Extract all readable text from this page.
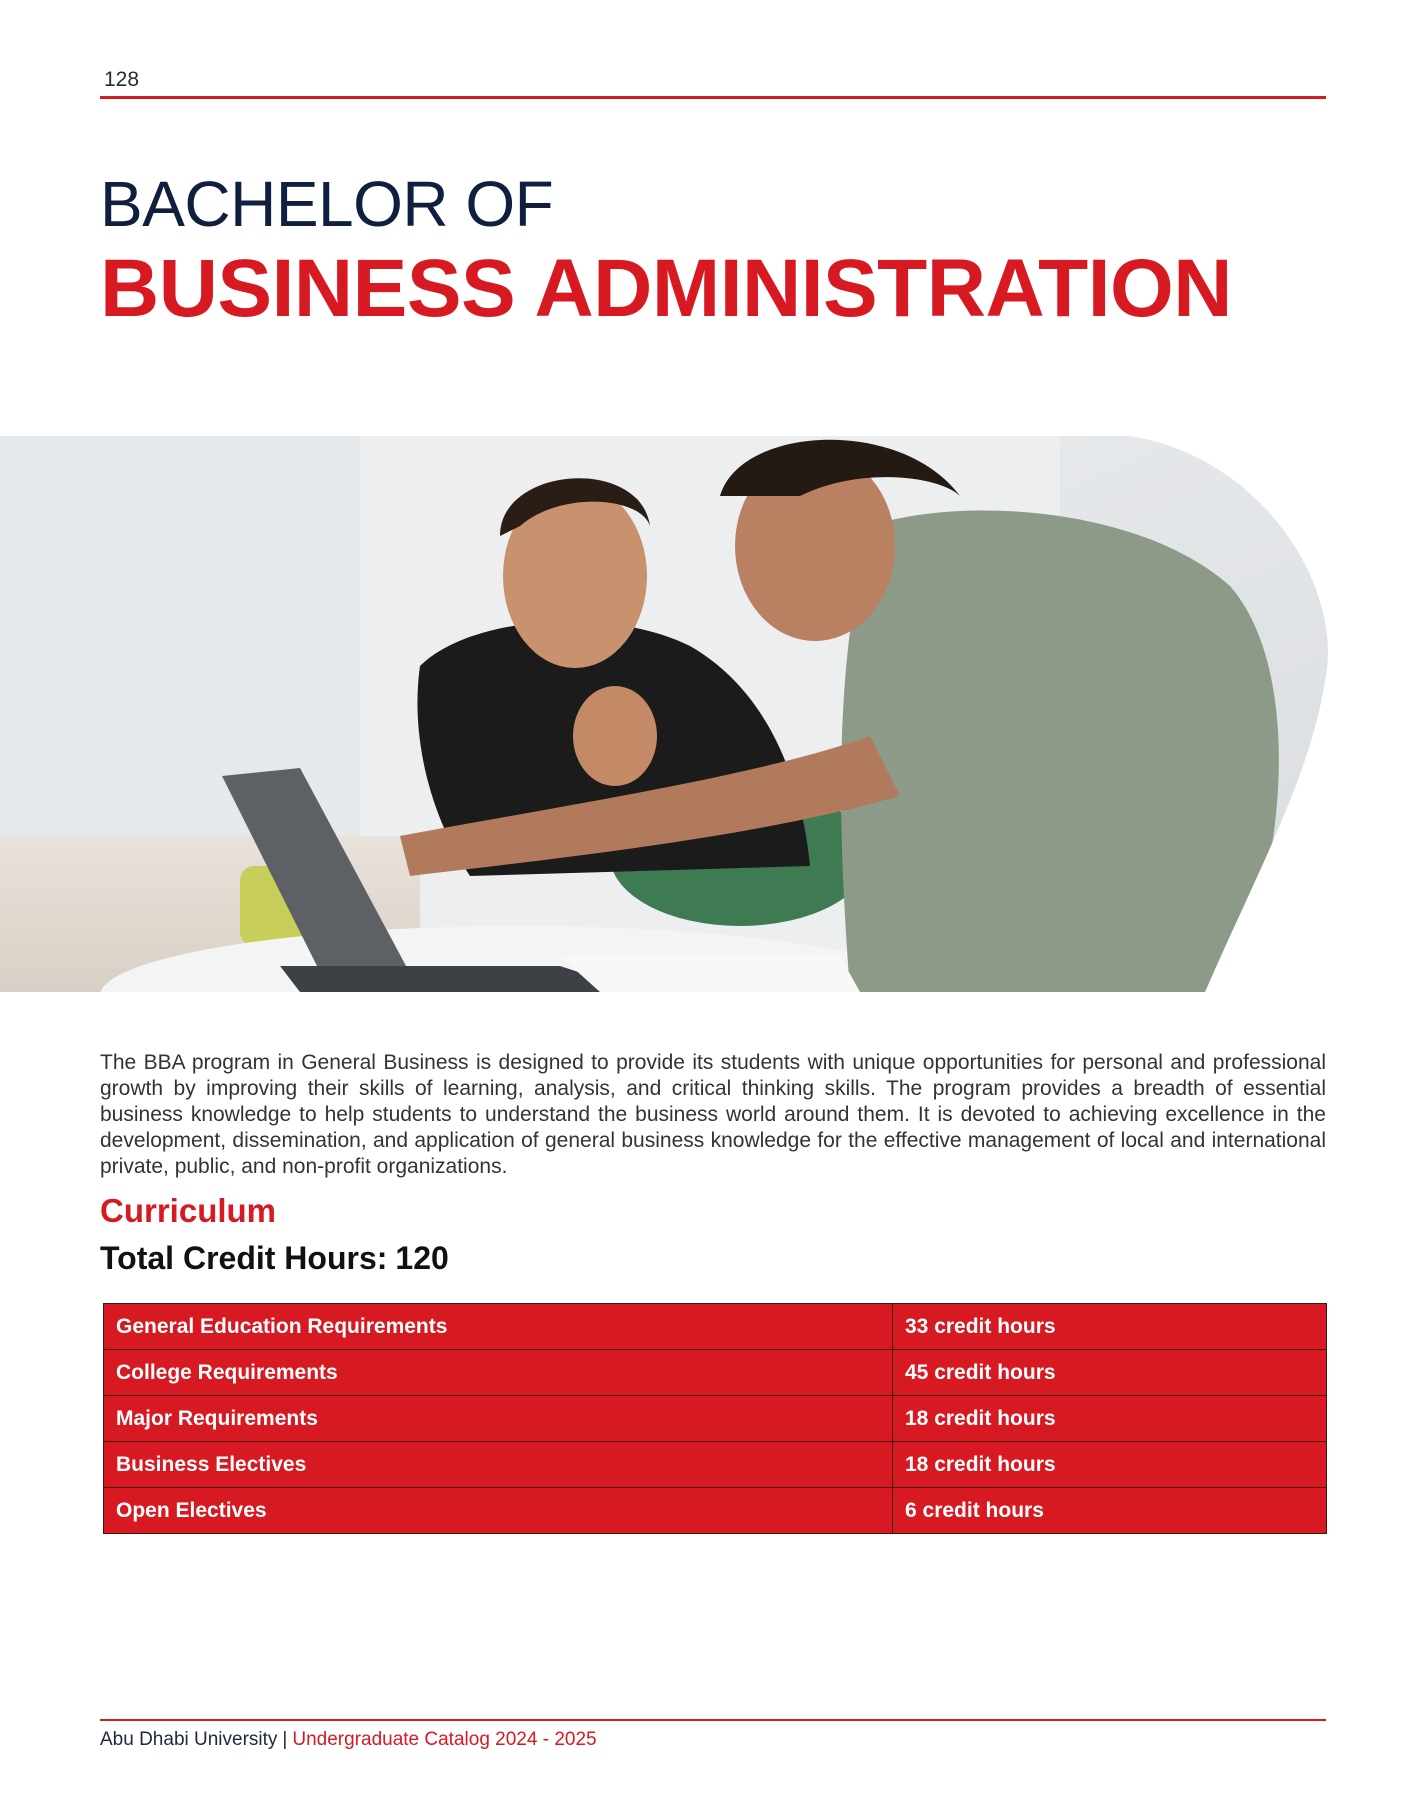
128
BACHELOR OF
BUSINESS ADMINISTRATION

The BBA program in General Business is designed to provide its students with unique opportunities for personal and professional growth by improving their skills of learning, analysis, and critical thinking skills. The program provides a breadth of essential business knowledge to help students to understand the business world around them. It is devoted to achieving excellence in the development, dissemination, and application of general business knowledge for the effective management of local and international private, public, and non-profit organizations.

Curriculum
Total Credit Hours: 120
General Education Requirements	33 credit hours
College Requirements	45 credit hours
Major Requirements	18 credit hours
Business Electives	18 credit hours
Open Electives	6 credit hours
Abu Dhabi University | Undergraduate Catalog 2024 - 2025
